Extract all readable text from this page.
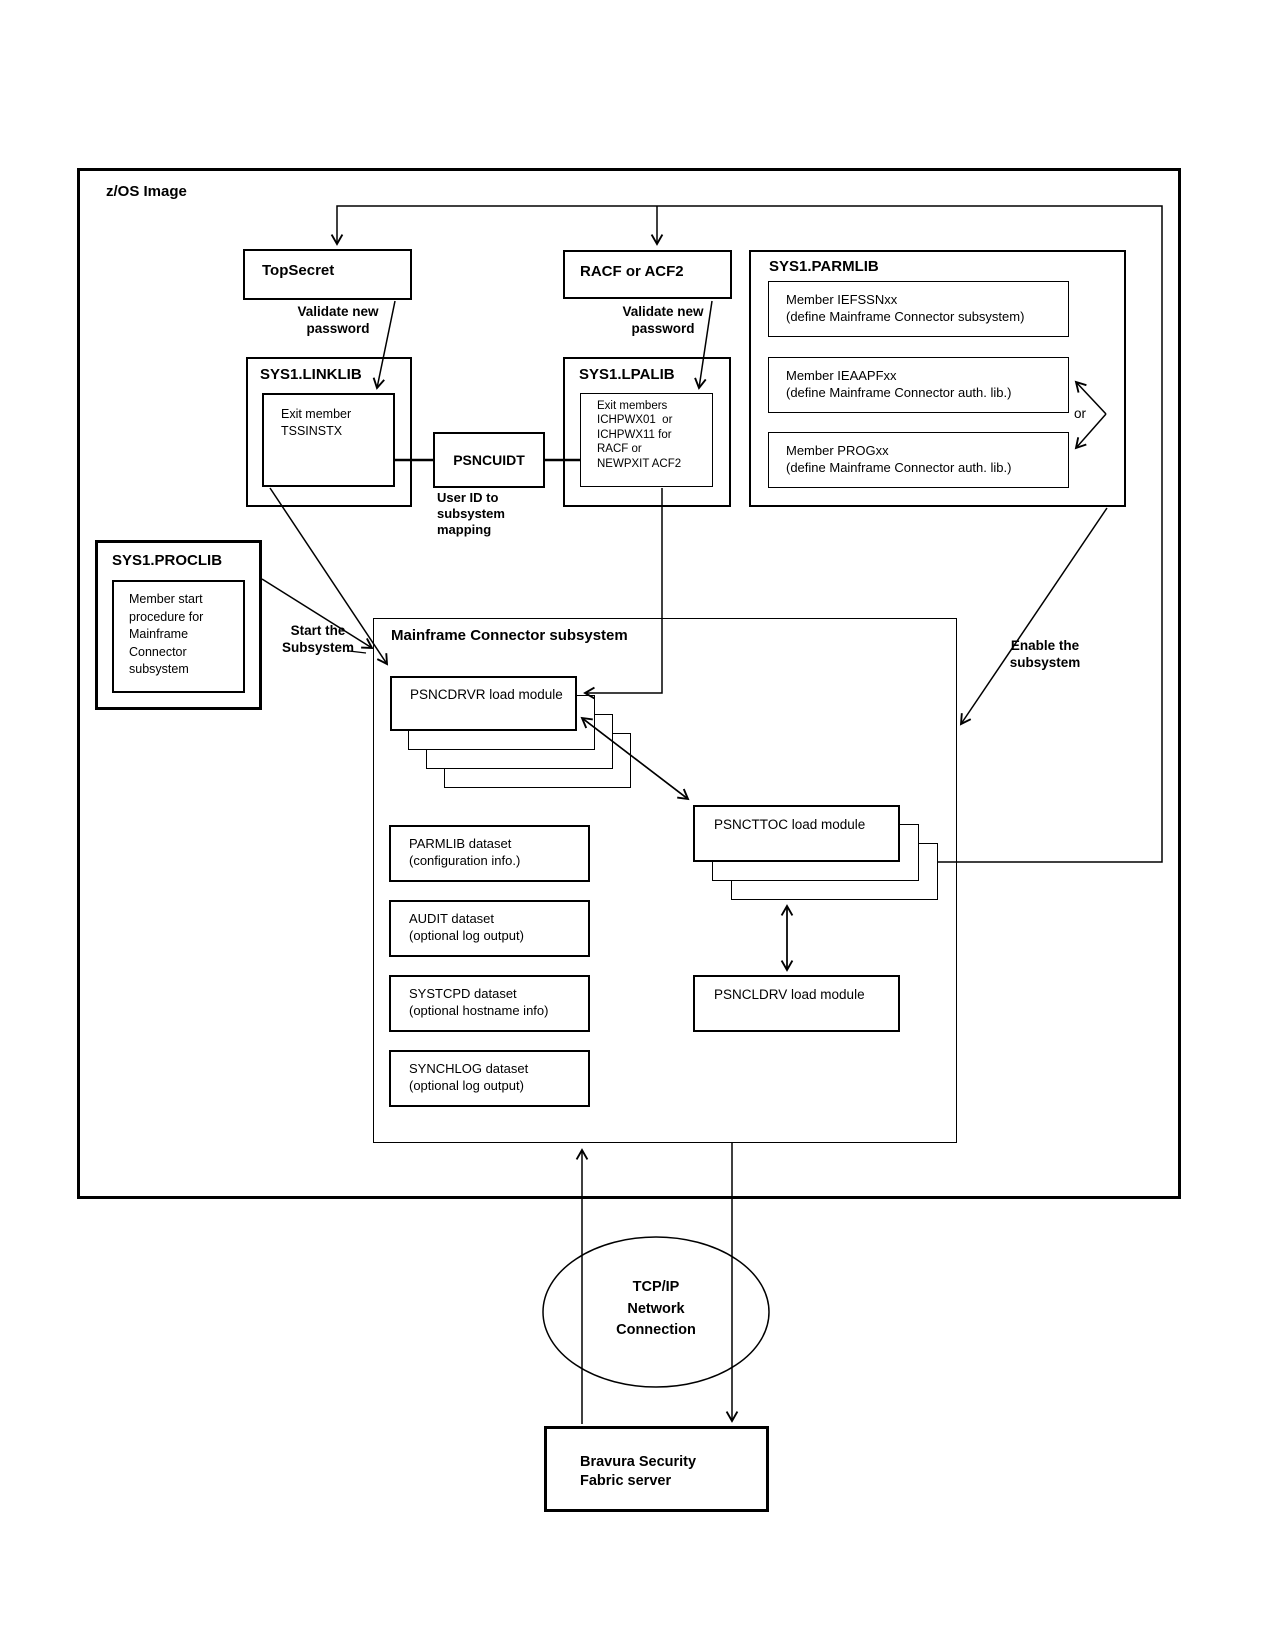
z/OS Image
TopSecret	RACF or ACF2
Validate new
password
Validate new
password
SYS1.PARMLIB
Member IEFSSNxx
(define Mainframe Connector subsystem)
Member IEAAPFxx
(define Mainframe Connector auth. lib.)
Member PROGxx
(define Mainframe Connector auth. lib.)
or
SYS1.LINKLIB
Exit member
TSSINSTX
SYS1.LPALIB
Exit members
ICHPWX01  or
ICHPWX11 for
RACF or
NEWPXIT ACF2
PSNCUIDT
User ID to
subsystem
mapping
SYS1.PROCLIB
Member start
procedure for
Mainframe
Connector
subsystem
Start the
Subsystem	Enable the
subsystem
Mainframe Connector subsystem
PSNCDRVR load module
PSNCTTOC load module
PARMLIB dataset
(configuration info.)
AUDIT dataset
(optional log output)
SYSTCPD dataset
(optional hostname info)
SYNCHLOG dataset
(optional log output)
PSNCLDRV load module
TCP/IP
Network
Connection
Bravura Security
Fabric server
